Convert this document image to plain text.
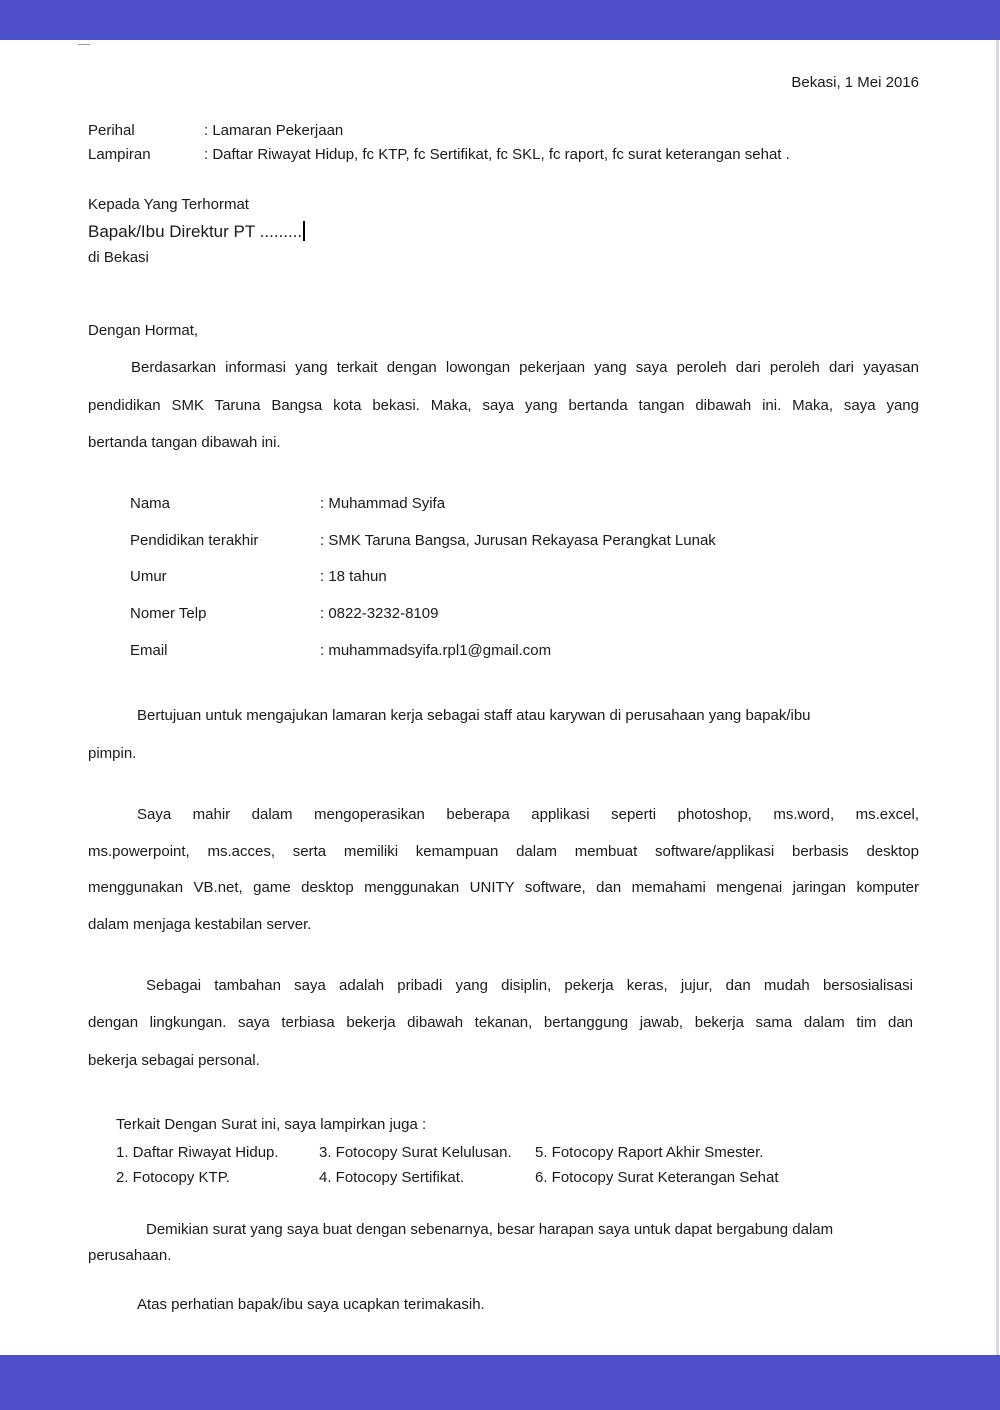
Bekasi, 1 Mei 2016
Perihal	: Lamaran Pekerjaan
Lampiran	: Daftar Riwayat Hidup, fc KTP, fc Sertifikat, fc SKL, fc raport, fc surat keterangan sehat .
Kepada Yang Terhormat
Bapak/Ibu Direktur PT .........
di Bekasi
Dengan Hormat,
Berdasarkan informasi yang terkait dengan lowongan pekerjaan yang saya peroleh dari peroleh dari yayasan
pendidikan SMK Taruna Bangsa kota bekasi. Maka, saya yang bertanda tangan dibawah ini. Maka, saya yang
bertanda tangan dibawah ini.
Nama	: Muhammad Syifa
Pendidikan terakhir	: SMK Taruna Bangsa, Jurusan Rekayasa Perangkat Lunak
Umur	: 18 tahun
Nomer Telp	: 0822-3232-8109
Email	: muhammadsyifa.rpl1@gmail.com
Bertujuan untuk mengajukan lamaran kerja sebagai staff atau karywan di perusahaan yang bapak/ibu
pimpin.
Saya mahir dalam mengoperasikan beberapa applikasi seperti photoshop, ms.word, ms.excel,
ms.powerpoint, ms.acces, serta memiliki kemampuan dalam membuat software/applikasi berbasis desktop
menggunakan VB.net, game desktop menggunakan UNITY software, dan memahami mengenai jaringan komputer
dalam menjaga kestabilan server.
Sebagai tambahan saya adalah pribadi yang disiplin, pekerja keras, jujur, dan mudah bersosialisasi
dengan lingkungan. saya terbiasa bekerja dibawah tekanan, bertanggung jawab, bekerja sama dalam tim dan
bekerja sebagai personal.
Terkait Dengan Surat ini, saya lampirkan juga :
1. Daftar Riwayat Hidup.	3. Fotocopy Surat Kelulusan. 5. Fotocopy Raport Akhir Smester.
2. Fotocopy KTP.	4. Fotocopy Sertifikat.	6. Fotocopy Surat Keterangan Sehat
Demikian surat yang saya buat dengan sebenarnya, besar harapan saya untuk dapat bergabung dalam
perusahaan.
Atas perhatian bapak/ibu saya ucapkan terimakasih.
